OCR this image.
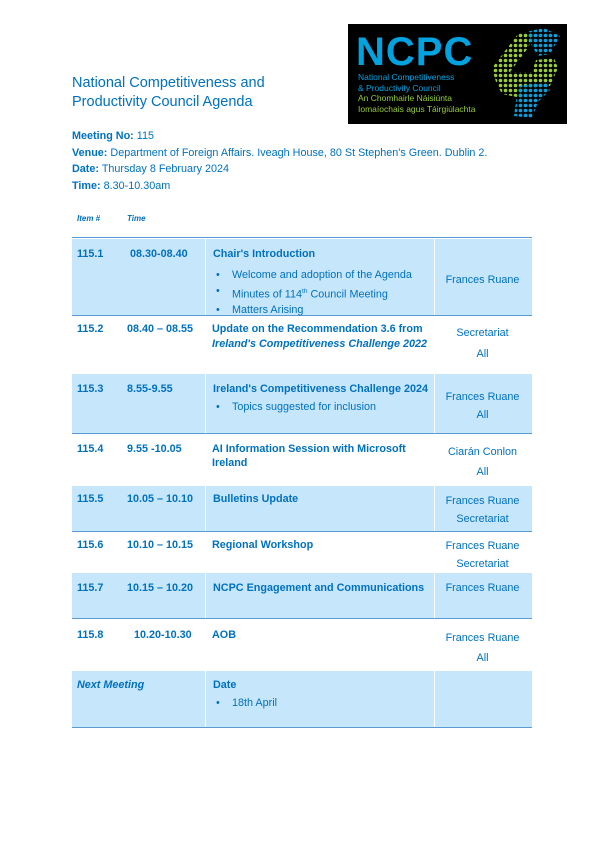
NCPC
National Competitiveness
& Productivity Council
An Chomhairle Náisiúnta
Iomaíochais agus Táirgiúlachta
National Competitiveness and
Productivity Council Agenda
Meeting No: 115
Venue: Department of Foreign Affairs. Iveagh House, 80 St Stephen's Green. Dublin 2.
Date: Thursday 8 February 2024
Time: 8.30-10.30am
Item #	Time
115.1 08.30-08.40 Chair's Introduction
• Welcome and adoption of the Agenda
• Minutes of 114th Council Meeting
• Matters Arising
Frances Ruane
115.2 08.40 – 08.55 Update on the Recommendation 3.6 from
Ireland's Competitiveness Challenge 2022
Secretariat
All
115.3 8.55-9.55	Ireland's Competitiveness Challenge 2024
• Topics suggested for inclusion
Frances Ruane
All
115.4 9.55 -10.05	AI Information Session with Microsoft
Ireland
Ciarán Conlon
All
115.5 10.05 – 10.10 Bulletins Update	Frances Ruane
Secretariat
115.6 10.10 – 10.15 Regional Workshop	Frances Ruane
Secretariat
115.7 10.15 – 10.20 NCPC Engagement and Communications	Frances Ruane
115.8	10.20-10.30 AOB	Frances Ruane
All
Next Meeting	Date
• 18th April
